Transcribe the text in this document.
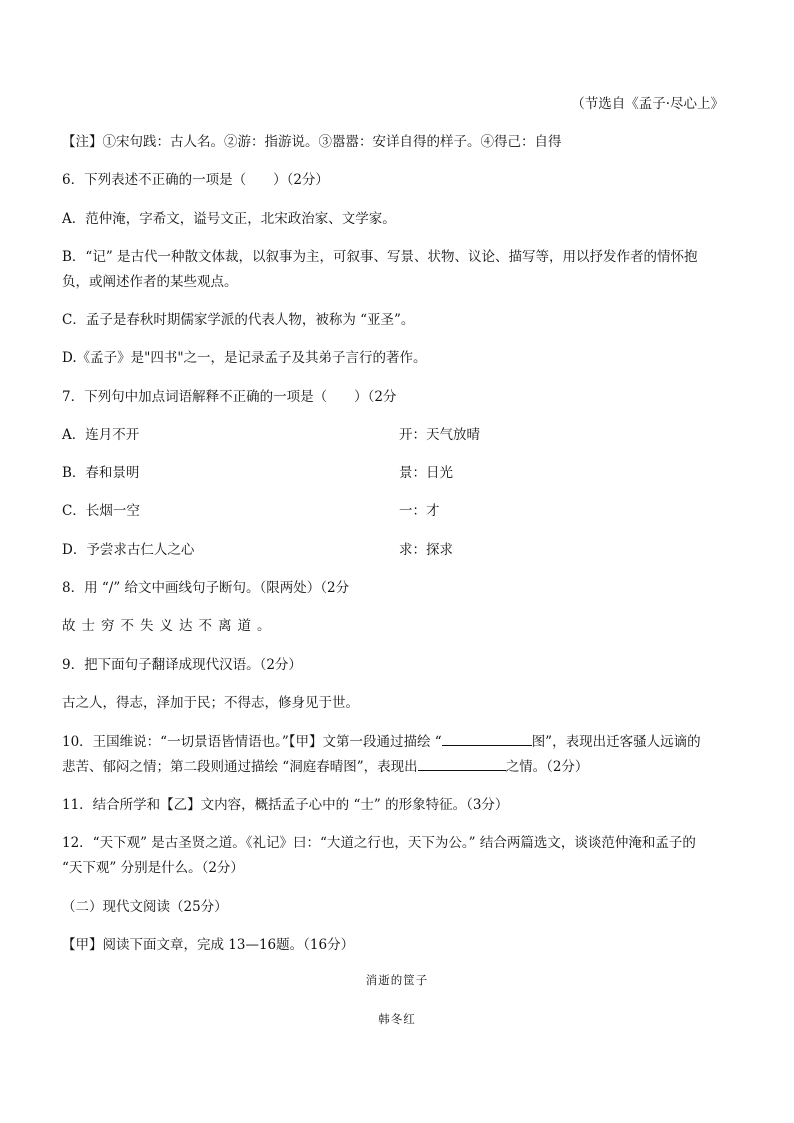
（节选自《孟子·尽心上》
【注】①宋句践：古人名。②游：指游说。③嚣嚣：安详自得的样子。④得己：自得
6．下列表述不正确的一项是（　　）（2分）
A．范仲淹，字希文，谥号文正，北宋政治家、文学家。
B．“记” 是古代一种散文体裁，以叙事为主，可叙事、写景、状物、议论、描写等，用以抒发作者的情怀抱
负，或阐述作者的某些观点。
C．孟子是春秋时期儒家学派的代表人物，被称为 “亚圣”。
D.《孟子》是"四书"之一，是记录孟子及其弟子言行的著作。
7．下列句中加点词语解释不正确的一项是（　　）（2分
A．连月不开	开：天气放晴
B．春和景明	景：日光
C．长烟一空	一：才
D．予尝求古仁人之心	求：探求
8．用 “/” 给文中画线句子断句。（限两处）（2分
故士穷不失义达不离道。
9．把下面句子翻译成现代汉语。（2分）
古之人，得志，泽加于民；不得志，修身见于世。
10．王国维说：“一切景语皆情语也。”【甲】文第一段通过描绘 “	图”，表现出迁客骚人远谪的
悲苦、郁闷之情；第二段则通过描绘 “洞庭春晴图”，表现出	之情。（2分）
11．结合所学和【乙】文内容，概括孟子心中的 “士” 的形象特征。（3分）
12．“天下观” 是古圣贤之道。《礼记》曰：“大道之行也，天下为公。” 结合两篇选文，谈谈范仲淹和孟子的
“天下观” 分别是什么。（2分）
（二）现代文阅读（25分）
【甲】阅读下面文章，完成 13—16题。（16分）
消逝的筐子
韩冬红
